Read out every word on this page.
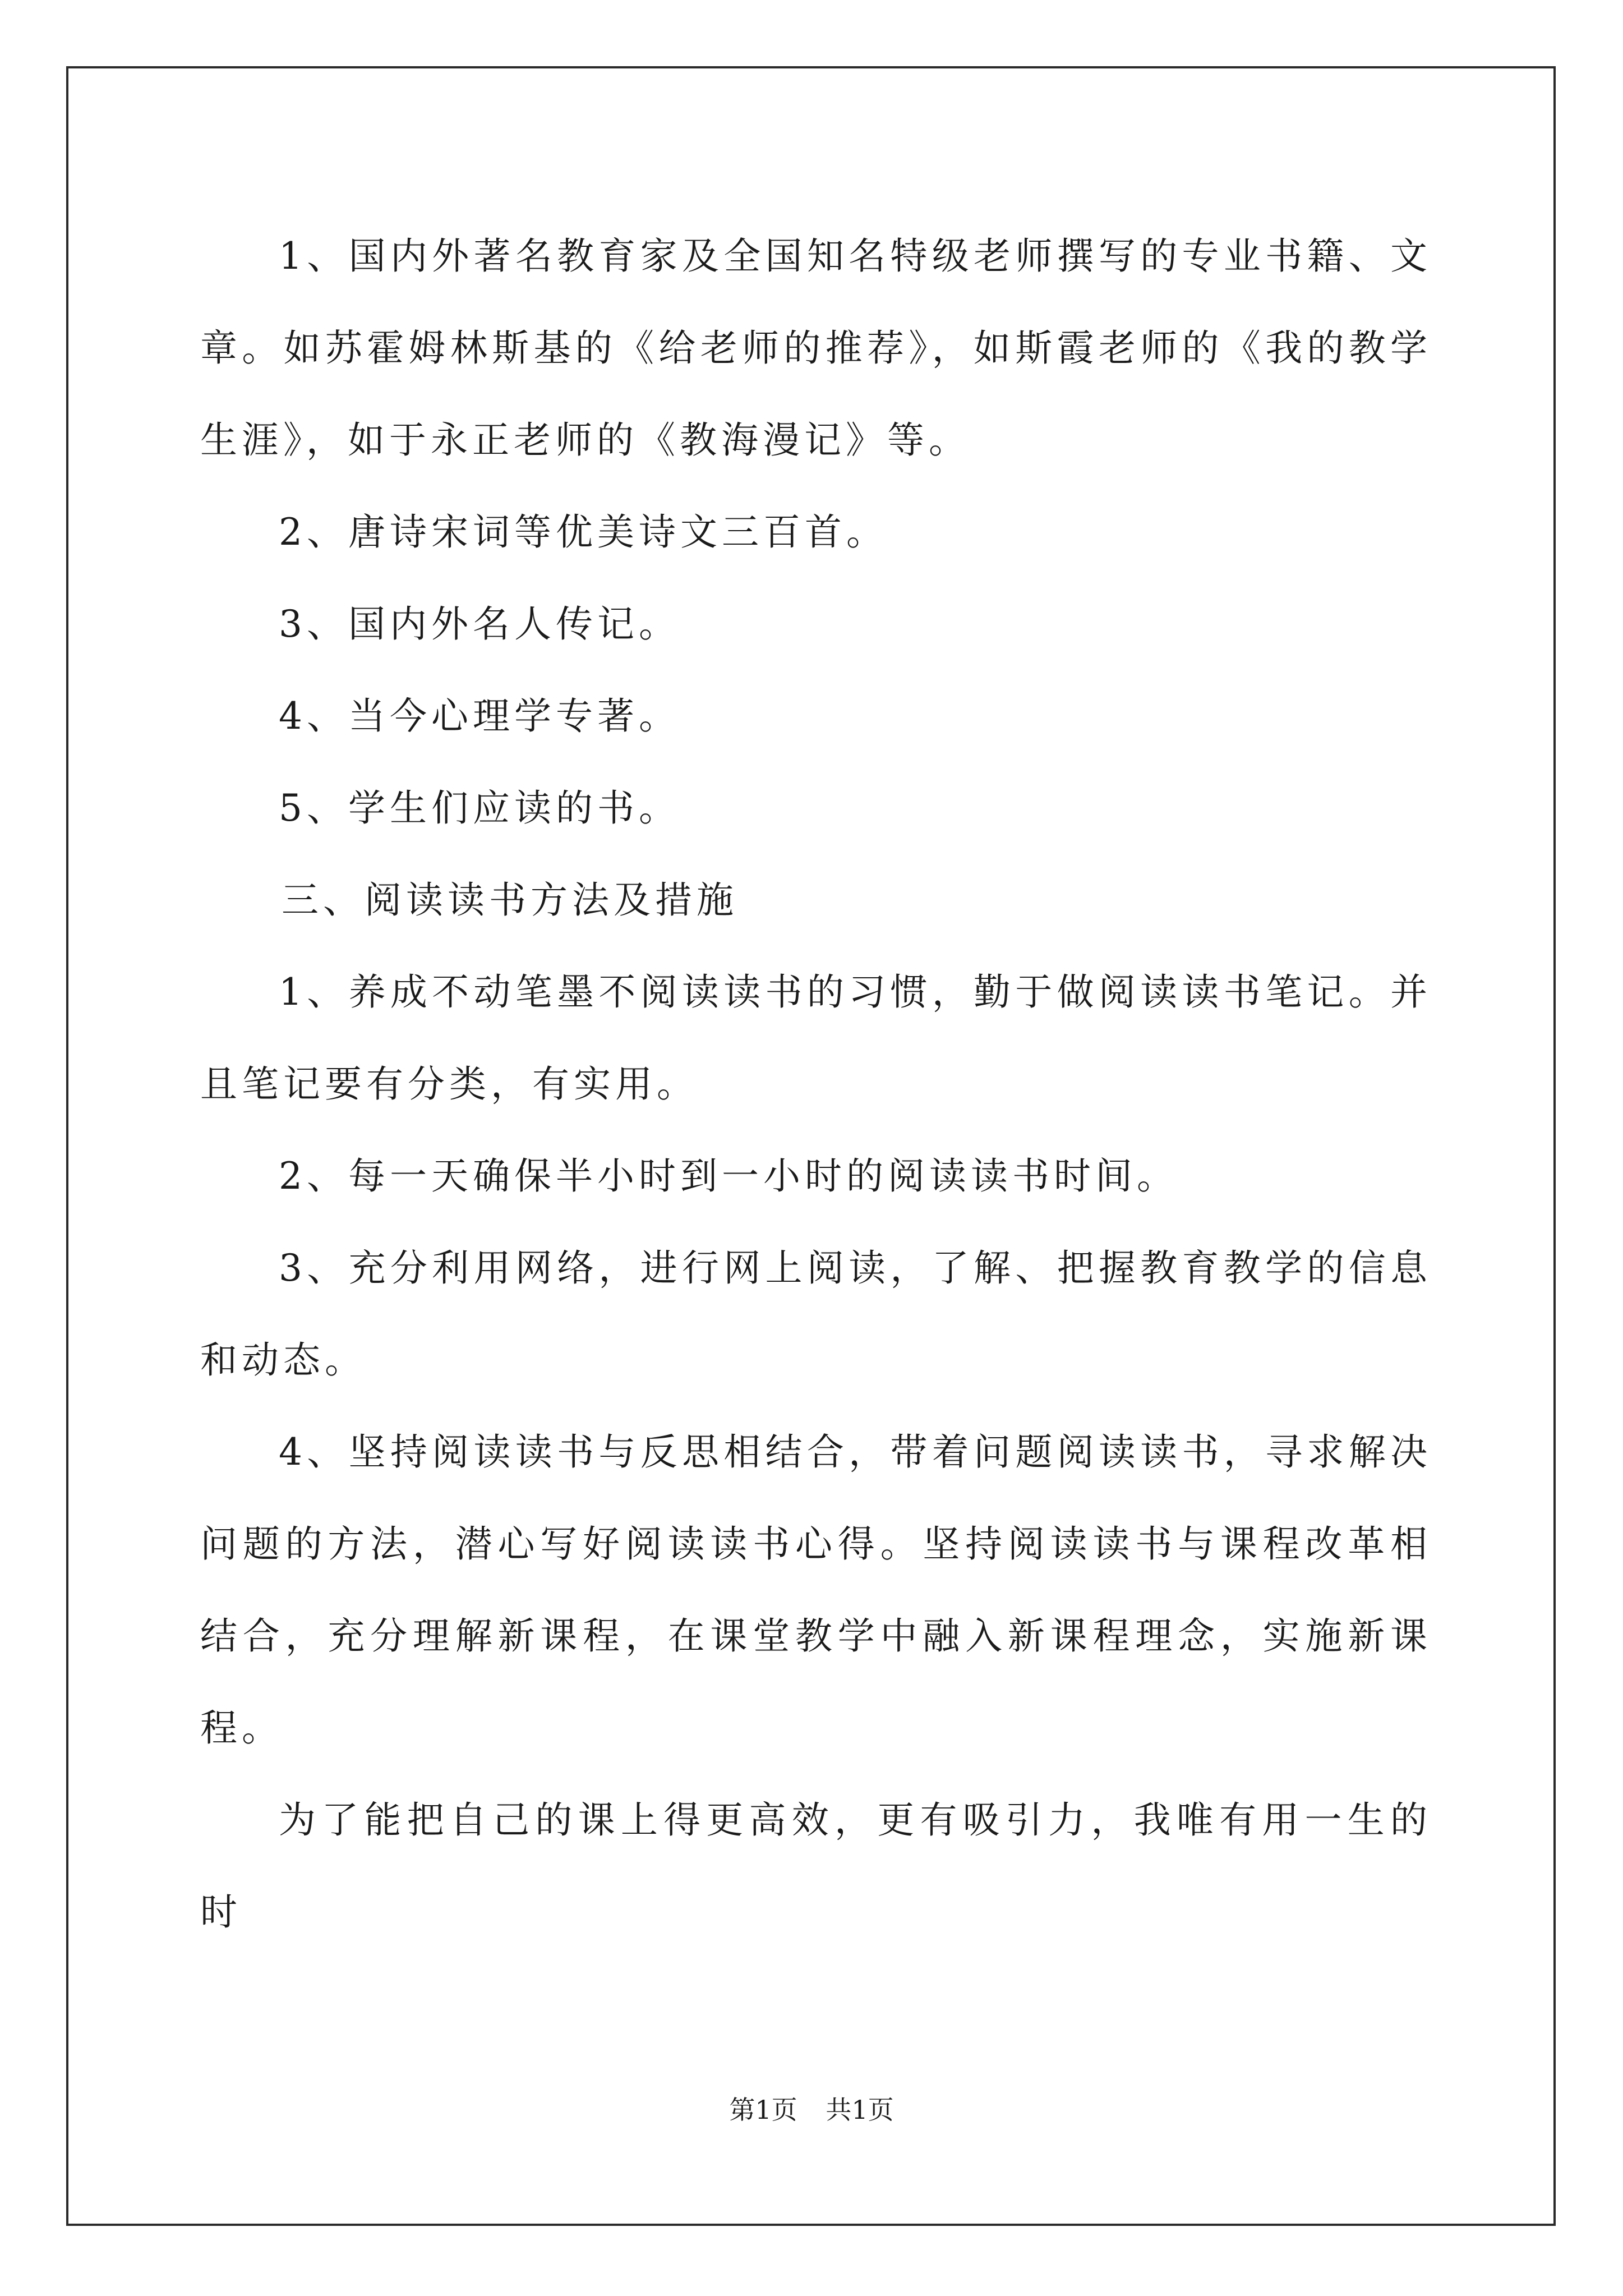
1、国内外著名教育家及全国知名特级老师撰写的专业书籍、文章。如苏霍姆林斯基的《给老师的推荐》，如斯霞老师的《我的教学生涯》，如于永正老师的《教海漫记》等。

2、唐诗宋词等优美诗文三百首。

3、国内外名人传记。

4、当今心理学专著。

5、学生们应读的书。

三、阅读读书方法及措施

1、养成不动笔墨不阅读读书的习惯，勤于做阅读读书笔记。并且笔记要有分类，有实用。

2、每一天确保半小时到一小时的阅读读书时间。

3、充分利用网络，进行网上阅读，了解、把握教育教学的信息和动态。

4、坚持阅读读书与反思相结合，带着问题阅读读书，寻求解决问题的方法，潜心写好阅读读书心得。坚持阅读读书与课程改革相结合，充分理解新课程，在课堂教学中融入新课程理念，实施新课程。

为了能把自己的课上得更高效，更有吸引力，我唯有用一生的时

第1页 共1页
